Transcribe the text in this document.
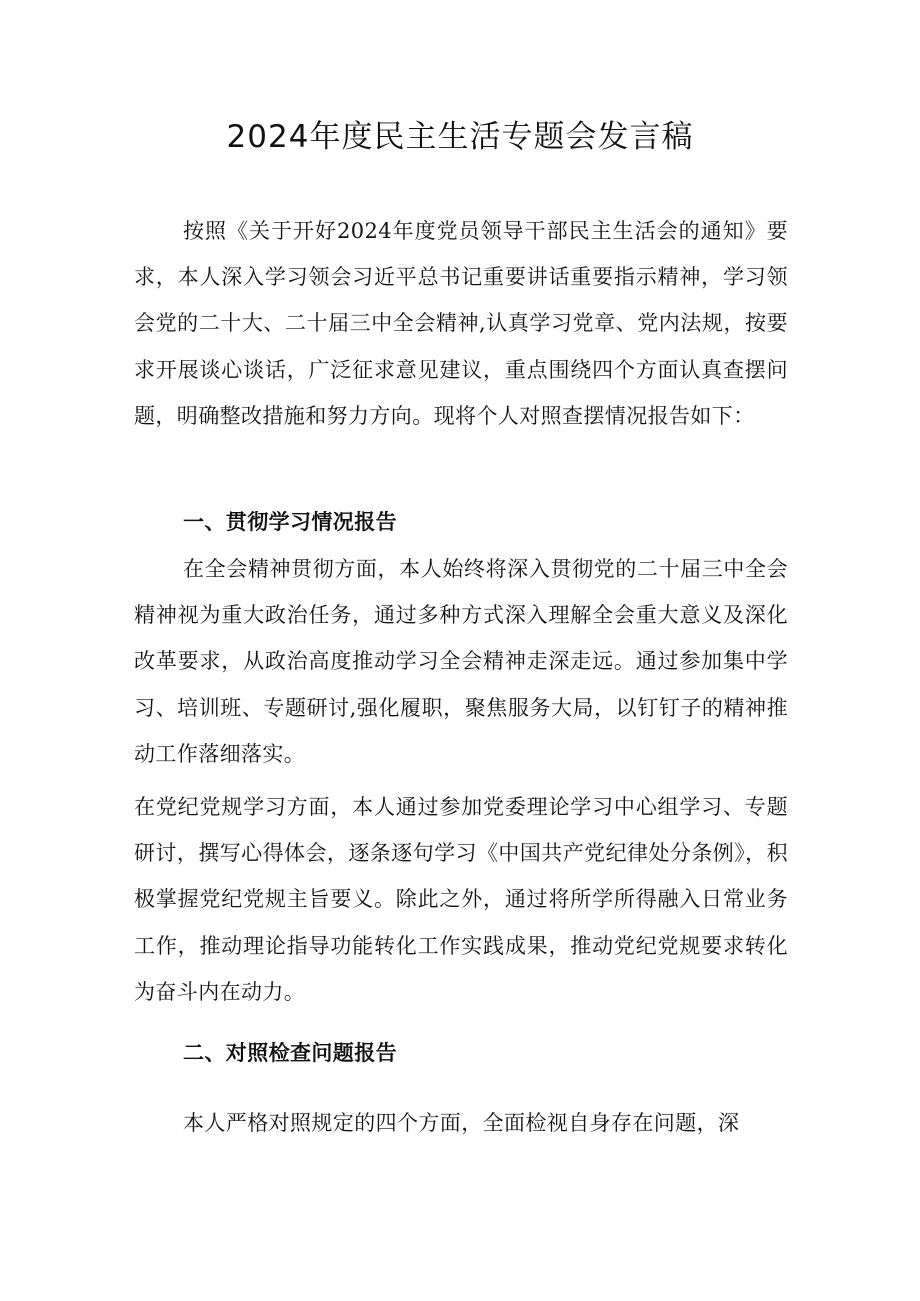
2024年度民主生活专题会发言稿

按照《关于开好2024年度党员领导干部民主生活会的通知》要求，本人深入学习领会习近平总书记重要讲话重要指示精神，学习领会党的二十大、二十届三中全会精神,认真学习党章、党内法规，按要求开展谈心谈话，广泛征求意见建议，重点围绕四个方面认真查摆问题，明确整改措施和努力方向。现将个人对照查摆情况报告如下：

一、贯彻学习情况报告

在全会精神贯彻方面，本人始终将深入贯彻党的二十届三中全会精神视为重大政治任务，通过多种方式深入理解全会重大意义及深化改革要求，从政治高度推动学习全会精神走深走远。通过参加集中学习、培训班、专题研讨,强化履职，聚焦服务大局，以钉钉子的精神推动工作落细落实。

在党纪党规学习方面，本人通过参加党委理论学习中心组学习、专题研讨，撰写心得体会，逐条逐句学习《中国共产党纪律处分条例》，积极掌握党纪党规主旨要义。除此之外，通过将所学所得融入日常业务工作，推动理论指导功能转化工作实践成果，推动党纪党规要求转化为奋斗内在动力。

二、对照检查问题报告

本人严格对照规定的四个方面，全面检视自身存在问题，深
